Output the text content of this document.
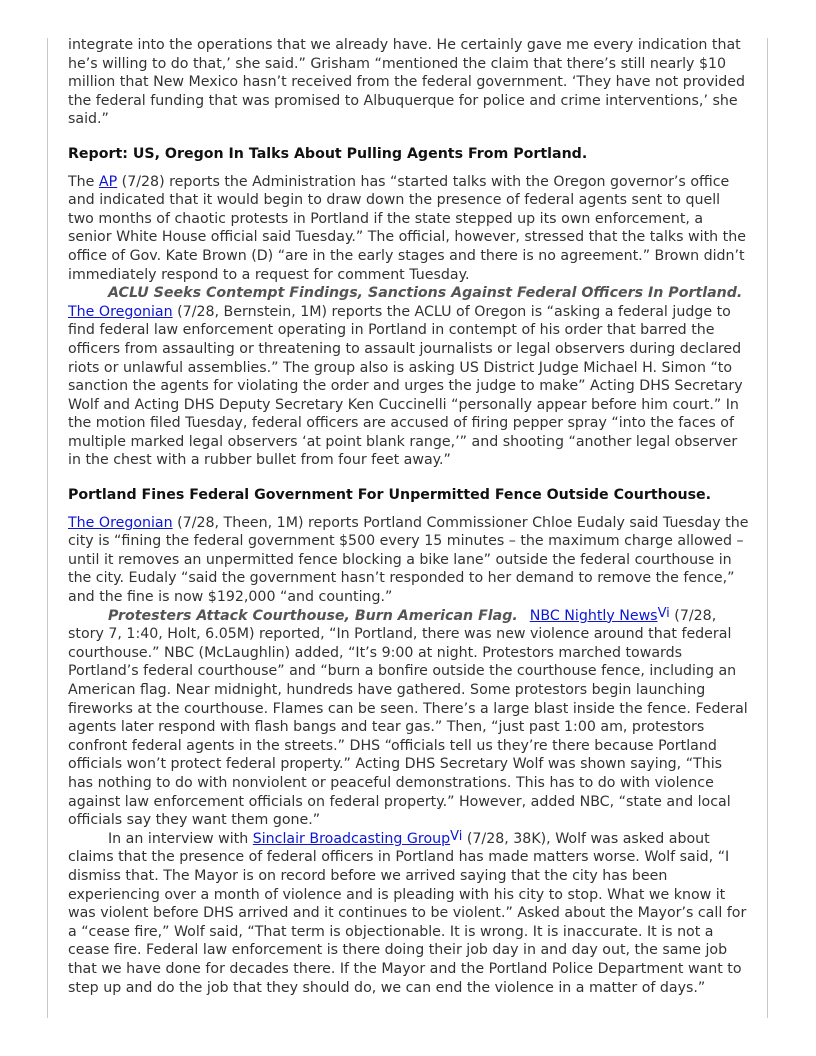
integrate into the operations that we already have. He certainly gave me every indication that he’s willing to do that,’ she said.” Grisham “mentioned the claim that there’s still nearly $10 million that New Mexico hasn’t received from the federal government. ‘They have not provided the federal funding that was promised to Albuquerque for police and crime interventions,’ she said.”

Report: US, Oregon In Talks About Pulling Agents From Portland.

The AP (7/28) reports the Administration has “started talks with the Oregon governor’s office and indicated that it would begin to draw down the presence of federal agents sent to quell two months of chaotic protests in Portland if the state stepped up its own enforcement, a senior White House official said Tuesday.” The official, however, stressed that the talks with the office of Gov. Kate Brown (D) “are in the early stages and there is no agreement.” Brown didn’t immediately respond to a request for comment Tuesday.

ACLU Seeks Contempt Findings, Sanctions Against Federal Officers In Portland.

The Oregonian (7/28, Bernstein, 1M) reports the ACLU of Oregon is “asking a federal judge to find federal law enforcement operating in Portland in contempt of his order that barred the officers from assaulting or threatening to assault journalists or legal observers during declared riots or unlawful assemblies.” The group also is asking US District Judge Michael H. Simon “to sanction the agents for violating the order and urges the judge to make” Acting DHS Secretary Wolf and Acting DHS Deputy Secretary Ken Cuccinelli “personally appear before him court.” In the motion filed Tuesday, federal officers are accused of firing pepper spray “into the faces of multiple marked legal observers ‘at point blank range,’” and shooting “another legal observer in the chest with a rubber bullet from four feet away.”

Portland Fines Federal Government For Unpermitted Fence Outside Courthouse.

The Oregonian (7/28, Theen, 1M) reports Portland Commissioner Chloe Eudaly said Tuesday the city is “fining the federal government $500 every 15 minutes – the maximum charge allowed – until it removes an unpermitted fence blocking a bike lane” outside the federal courthouse in the city. Eudaly “said the government hasn’t responded to her demand to remove the fence,” and the fine is now $192,000 “and counting.”

Protesters Attack Courthouse, Burn American Flag. NBC Nightly News$^{Vi}$ (7/28, story 7, 1:40, Holt, 6.05M) reported, “In Portland, there was new violence around that federal courthouse.” NBC (McLaughlin) added, “It’s 9:00 at night. Protestors marched towards Portland’s federal courthouse” and “burn a bonfire outside the courthouse fence, including an American flag. Near midnight, hundreds have gathered. Some protestors begin launching fireworks at the courthouse. Flames can be seen. There’s a large blast inside the fence. Federal agents later respond with flash bangs and tear gas.” Then, “just past 1:00 am, protestors confront federal agents in the streets.” DHS “officials tell us they’re there because Portland officials won’t protect federal property.” Acting DHS Secretary Wolf was shown saying, “This has nothing to do with nonviolent or peaceful demonstrations. This has to do with violence against law enforcement officials on federal property.” However, added NBC, “state and local officials say they want them gone.”

In an interview with Sinclair Broadcasting Group$^{Vi}$ (7/28, 38K), Wolf was asked about claims that the presence of federal officers in Portland has made matters worse. Wolf said, “I dismiss that. The Mayor is on record before we arrived saying that the city has been experiencing over a month of violence and is pleading with his city to stop. What we know it was violent before DHS arrived and it continues to be violent.” Asked about the Mayor’s call for a “cease fire,” Wolf said, “That term is objectionable. It is wrong. It is inaccurate. It is not a cease fire. Federal law enforcement is there doing their job day in and day out, the same job that we have done for decades there. If the Mayor and the Portland Police Department want to step up and do the job that they should do, we can end the violence in a matter of days.”
